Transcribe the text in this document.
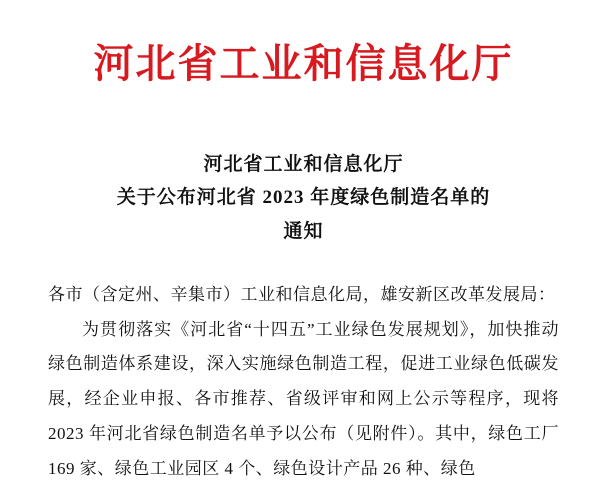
河北省工业和信息化厅
河北省工业和信息化厅
关于公布河北省 2023 年度绿色制造名单的
通知

各市（含定州、辛集市）工业和信息化局，雄安新区改革发展局：

为贯彻落实《河北省“十四五”工业绿色发展规划》，加快推动绿色制造体系建设，深入实施绿色制造工程，促进工业绿色低碳发展，经企业申报、各市推荐、省级评审和网上公示等程序，现将 2023 年河北省绿色制造名单予以公布（见附件）。其中，绿色工厂 169 家、绿色工业园区 4 个、绿色设计产品 26 种、绿色
